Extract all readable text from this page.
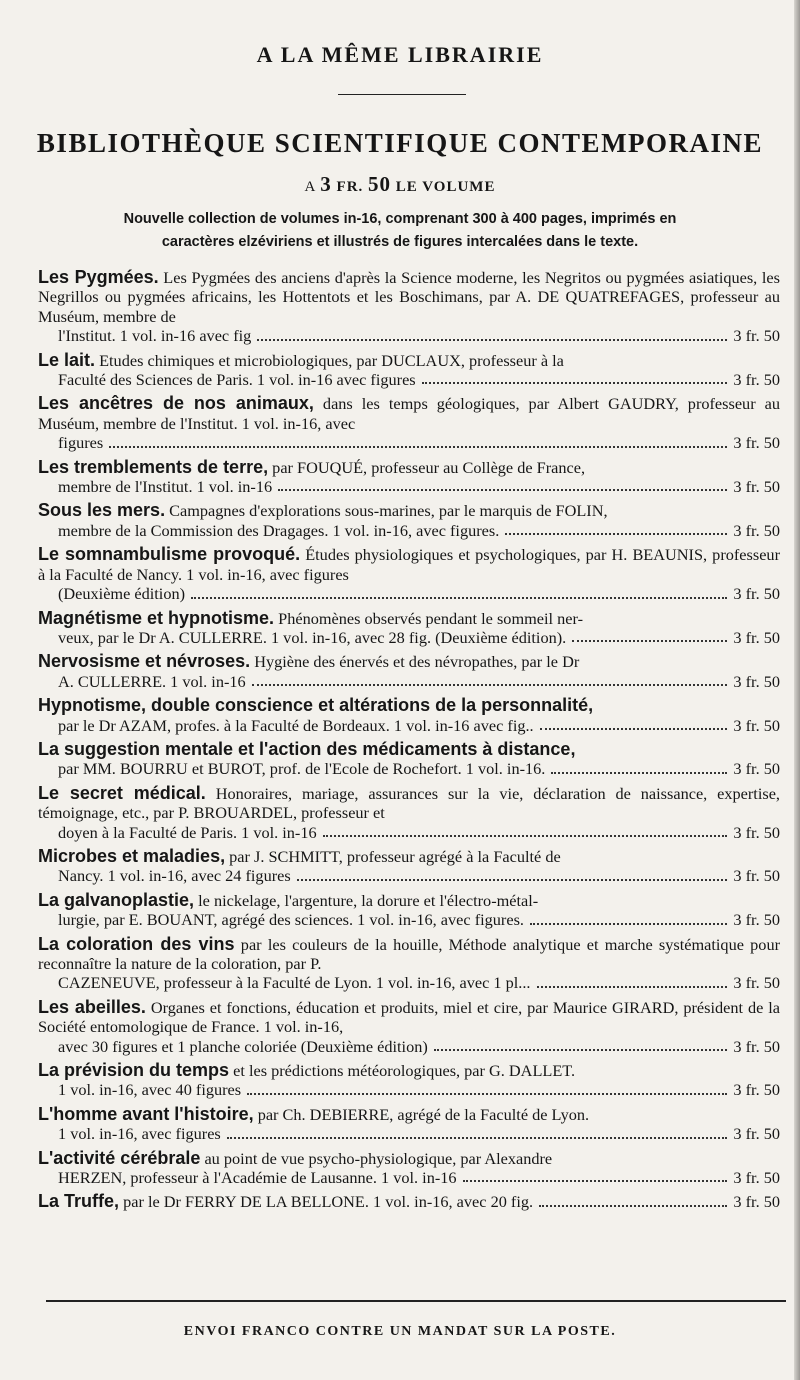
A LA MÊME LIBRAIRIE
BIBLIOTHÈQUE SCIENTIFIQUE CONTEMPORAINE
A 3 FR. 50 LE VOLUME
Nouvelle collection de volumes in-16, comprenant 300 à 400 pages, imprimés en
caractères elzéviriens et illustrés de figures intercalées dans le texte.
Les Pygmées. Les Pygmées des anciens d'après la Science moderne, les Negritos ou pygmées asiatiques, les Negrillos ou pygmées africains, les Hottentots et les Boschimans, par A. DE QUATREFAGES, professeur au Muséum, membre de
l'Institut. 1 vol. in-16 avec fig	3 fr. 50
Le lait. Etudes chimiques et microbiologiques, par DUCLAUX, professeur à la
Faculté des Sciences de Paris. 1 vol. in-16 avec figures	3 fr. 50
Les ancêtres de nos animaux, dans les temps géologiques, par Albert GAUDRY, professeur au Muséum, membre de l'Institut. 1 vol. in-16, avec
figures	3 fr. 50
Les tremblements de terre, par FOUQUÉ, professeur au Collège de France,
membre de l'Institut. 1 vol. in-16	3 fr. 50
Sous les mers. Campagnes d'explorations sous-marines, par le marquis de FOLIN,
membre de la Commission des Dragages. 1 vol. in-16, avec figures.	3 fr. 50
Le somnambulisme provoqué. Études physiologiques et psychologiques, par H. BEAUNIS, professeur à la Faculté de Nancy. 1 vol. in-16, avec figures
(Deuxième édition)	3 fr. 50
Magnétisme et hypnotisme. Phénomènes observés pendant le sommeil ner-
veux, par le Dr A. CULLERRE. 1 vol. in-16, avec 28 fig. (Deuxième édition).	3 fr. 50
Nervosisme et névroses. Hygiène des énervés et des névropathes, par le Dr
A. CULLERRE. 1 vol. in-16	3 fr. 50
Hypnotisme, double conscience et altérations de la personnalité,
par le Dr AZAM, profes. à la Faculté de Bordeaux. 1 vol. in-16 avec fig..	3 fr. 50
La suggestion mentale et l'action des médicaments à distance,
par MM. BOURRU et BUROT, prof. de l'Ecole de Rochefort. 1 vol. in-16.	3 fr. 50
Le secret médical. Honoraires, mariage, assurances sur la vie, déclaration de naissance, expertise, témoignage, etc., par P. BROUARDEL, professeur et
doyen à la Faculté de Paris. 1 vol. in-16	3 fr. 50
Microbes et maladies, par J. SCHMITT, professeur agrégé à la Faculté de
Nancy. 1 vol. in-16, avec 24 figures	3 fr. 50
La galvanoplastie, le nickelage, l'argenture, la dorure et l'électro-métal-
lurgie, par E. BOUANT, agrégé des sciences. 1 vol. in-16, avec figures.	3 fr. 50
La coloration des vins par les couleurs de la houille, Méthode analytique et marche systématique pour reconnaître la nature de la coloration, par P.
CAZENEUVE, professeur à la Faculté de Lyon. 1 vol. in-16, avec 1 pl...	3 fr. 50
Les abeilles. Organes et fonctions, éducation et produits, miel et cire, par Maurice GIRARD, président de la Société entomologique de France. 1 vol. in-16,
avec 30 figures et 1 planche coloriée (Deuxième édition)	3 fr. 50
La prévision du temps et les prédictions météorologiques, par G. DALLET.
1 vol. in-16, avec 40 figures	3 fr. 50
L'homme avant l'histoire, par Ch. DEBIERRE, agrégé de la Faculté de Lyon.
1 vol. in-16, avec figures	3 fr. 50
L'activité cérébrale au point de vue psycho-physiologique, par Alexandre
HERZEN, professeur à l'Académie de Lausanne. 1 vol. in-16	3 fr. 50
La Truffe,
par le Dr FERRY DE LA BELLONE. 1 vol. in-16, avec 20 fig.	3 fr. 50
ENVOI FRANCO CONTRE UN MANDAT SUR LA POSTE.
